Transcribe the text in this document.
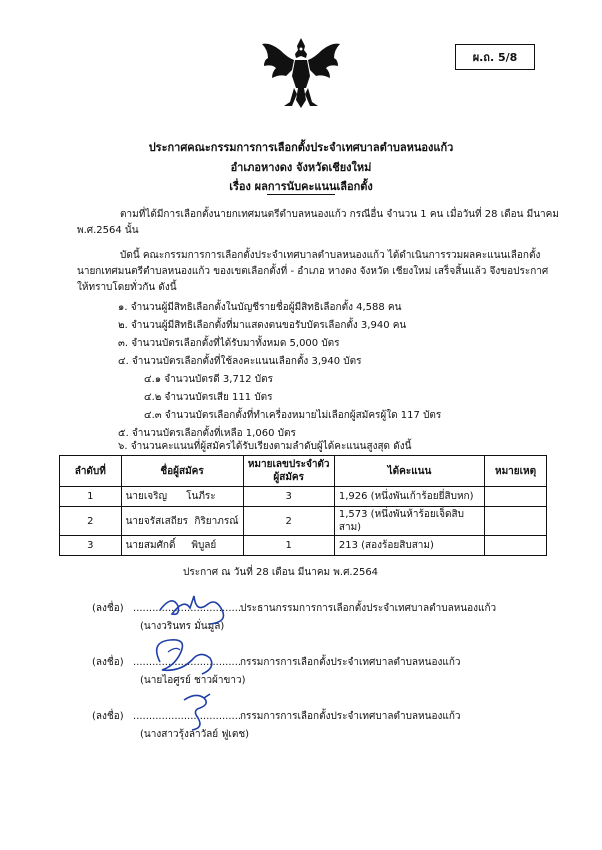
ผ.ถ. 5/8
ประกาศคณะกรรมการการเลือกตั้งประจำเทศบาลตำบลหนองแก้ว
อำเภอหางดง จังหวัดเชียงใหม่
เรื่อง ผลการนับคะแนนเลือกตั้ง
ตามที่ได้มีการเลือกตั้งนายกเทศมนตรีตำบลหนองแก้ว กรณีอื่น จำนวน 1 คน เมื่อวันที่ 28 เดือน มีนาคม
พ.ศ.2564 นั้น
บัดนี้ คณะกรรมการการเลือกตั้งประจำเทศบาลตำบลหนองแก้ว ได้ดำเนินการรวมผลคะแนนเลือกตั้ง
นายกเทศมนตรีตำบลหนองแก้ว ของเขตเลือกตั้งที่ - อำเภอ หางดง จังหวัด เชียงใหม่ เสร็จสิ้นแล้ว จึงขอประกาศ
ให้ทราบโดยทั่วกัน ดังนี้
๑. จำนวนผู้มีสิทธิเลือกตั้งในบัญชีรายชื่อผู้มีสิทธิเลือกตั้ง 4,588 คน
๒. จำนวนผู้มีสิทธิเลือกตั้งที่มาแสดงตนขอรับบัตรเลือกตั้ง 3,940 คน
๓. จำนวนบัตรเลือกตั้งที่ได้รับมาทั้งหมด 5,000 บัตร
๔. จำนวนบัตรเลือกตั้งที่ใช้ลงคะแนนเลือกตั้ง 3,940 บัตร
๔.๑ จำนวนบัตรดี 3,712 บัตร
๔.๒ จำนวนบัตรเสีย 111 บัตร
๔.๓ จำนวนบัตรเลือกตั้งที่ทำเครื่องหมายไม่เลือกผู้สมัครผู้ใด 117 บัตร
๕. จำนวนบัตรเลือกตั้งที่เหลือ 1,060 บัตร
๖. จำนวนคะแนนที่ผู้สมัครได้รับเรียงตามลำดับผู้ได้คะแนนสูงสุด ดังนี้
ลำดับที่	ชื่อผู้สมัคร	หมายเลขประจำตัว ผู้สมัคร	ได้คะแนน	หมายเหตุ
1	นายเจริญ      โนภีระ	3	1,926 (หนึ่งพันเก้าร้อยยี่สิบหก)	
2	นายจรัสเสถียร  กิริยาภรณ์	2	1,573 (หนึ่งพันห้าร้อยเจ็ดสิบสาม)	
3	นายสมศักดิ์     พิบูลย์	1	213 (สองร้อยสิบสาม)	
ประกาศ ณ วันที่ 28 เดือน มีนาคม พ.ศ.2564
(ลงชื่อ) ..................................
ประธานกรรมการการเลือกตั้งประจำเทศบาลตำบลหนองแก้ว
(นางวรินทร มั่นมูล)
(ลงชื่อ) ..................................
กรรมการการเลือกตั้งประจำเทศบาลตำบลหนองแก้ว
(นายไอศูรย์ ชาวผ้าขาว)
(ลงชื่อ) ..................................
กรรมการการเลือกตั้งประจำเทศบาลตำบลหนองแก้ว
(นางสาวรุ้งลาวัลย์ ฟูเตช)
